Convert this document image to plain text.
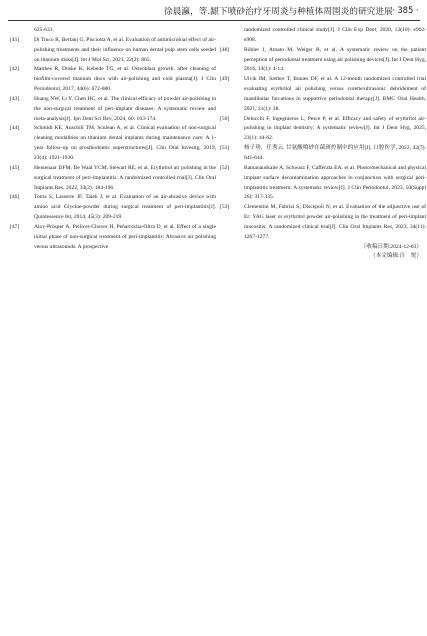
徐晨瀛，等.龈下喷砂治疗牙周炎与种植体周围炎的研究进展 · 385 ·
625-631.
[41]	Di Tinco R, Bertani G, Pisciotta A, et al. Evaluation of antimicrobial effect of air-polishing treatments and their influence on human dental pulp stem cells seeded on titanium disks[J]. Int J Mol Sci, 2021, 22(2): 865.
[42]	Matthes R, Duske K, Kebede TG, et al. Osteoblast growth, after cleaning of biofilm-covered titanium discs with air-polishing and cold plasma[J]. J Clin Periodontol, 2017, 44(6): 672-680.
[43]	Huang NW, Li Y, Chen HC, et al. The clinical efficacy of powder air-polishing in the non-surgical treatment of peri-implant diseases: A systematic review and meta-analysis[J]. Jpn Dent Sci Rev, 2024, 60: 163-174.
[44]	Schmidt KE, Auschill TM, Sculean A, et al. Clinical evaluation of non-surgical cleaning modalities on titanium dental implants during maintenance care: A 1-year follow-up on prosthodontic superstructures[J]. Clin Oral Investig, 2019, 23(4): 1921-1930.
[45]	Hentenaar DFM, De Waal YCM, Stewart RE, et al. Erythritol air polishing in the surgical treatment of peri-implantitis: A randomized controlled trial[J]. Clin Oral Implants Res, 2022, 33(2): 184-196.
[46]	Toma S, Lasserre JF, Taïeb J, et al. Evaluation of an air-abrasive device with amino acid Glycine-powder during surgical treatment of peri-implantitis[J]. Quintessence Int, 2014, 45(3): 209-219.
[47]	Aloy-Prósper A, Pellicer-Chover H, Peñarrocha-Oltra D, et al. Effect of a single initial phase of non-surgical treatment of peri-implantitis: Abrasive air polishing versus ultrasounds. A prospective
randomized controlled clinical study[J]. J Clin Exp Dent, 2020, 12(10): e902-e908.
[48]	Bühler J, Amato M, Weiger R, et al. A systematic review on the patient perception of periodontal treatment using air polishing devices[J]. Int J Dent Hyg, 2016, 14(1): 4-14.
[49]	Ulvik IM, Sæthre T, Bunæs DF, et al. A 12-month randomized controlled trial evaluating erythritol air polishing versus curette/ultrasonic debridement of mandibular furcations in supportive periodontal therapy[J]. BMC Oral Health, 2021, 21(1): 38.
[50]	Delucchi F, Ingegnieros L, Pesce P, et al. Efficacy and safety of erythritol air-polishing in implant dentistry: A systematic review[J]. Int J Dent Hyg, 2025, 23(1): 44-62.
[51]	杨子珍，任秀云. 甘氨酸喷砂在菌斑控制中的应用[J]. 口腔医学, 2022, 42(7): 641-644.
[52]	Ramanauskaite A, Schwarz F, Cafferata EA, et al. Photo/mechanical and physical implant surface decontamination approaches in conjunction with surgical peri-implantitis treatment: A systematic review[J]. J Clin Periodontol, 2023, 50(Suppl 26): 317-335.
[53]	Clementini M, Fabrizi S, Discepoli N, et al. Evaluation of the adjunctive use of Er: YAG laser or erythritol powder air-polishing in the treatment of peri-implant mucositis: A randomized clinical trial[J]. Clin Oral Implants Res, 2023, 34(11): 1267-1277.
（收稿日期:2024-12-03）
（本文编辑:汪　悦）
